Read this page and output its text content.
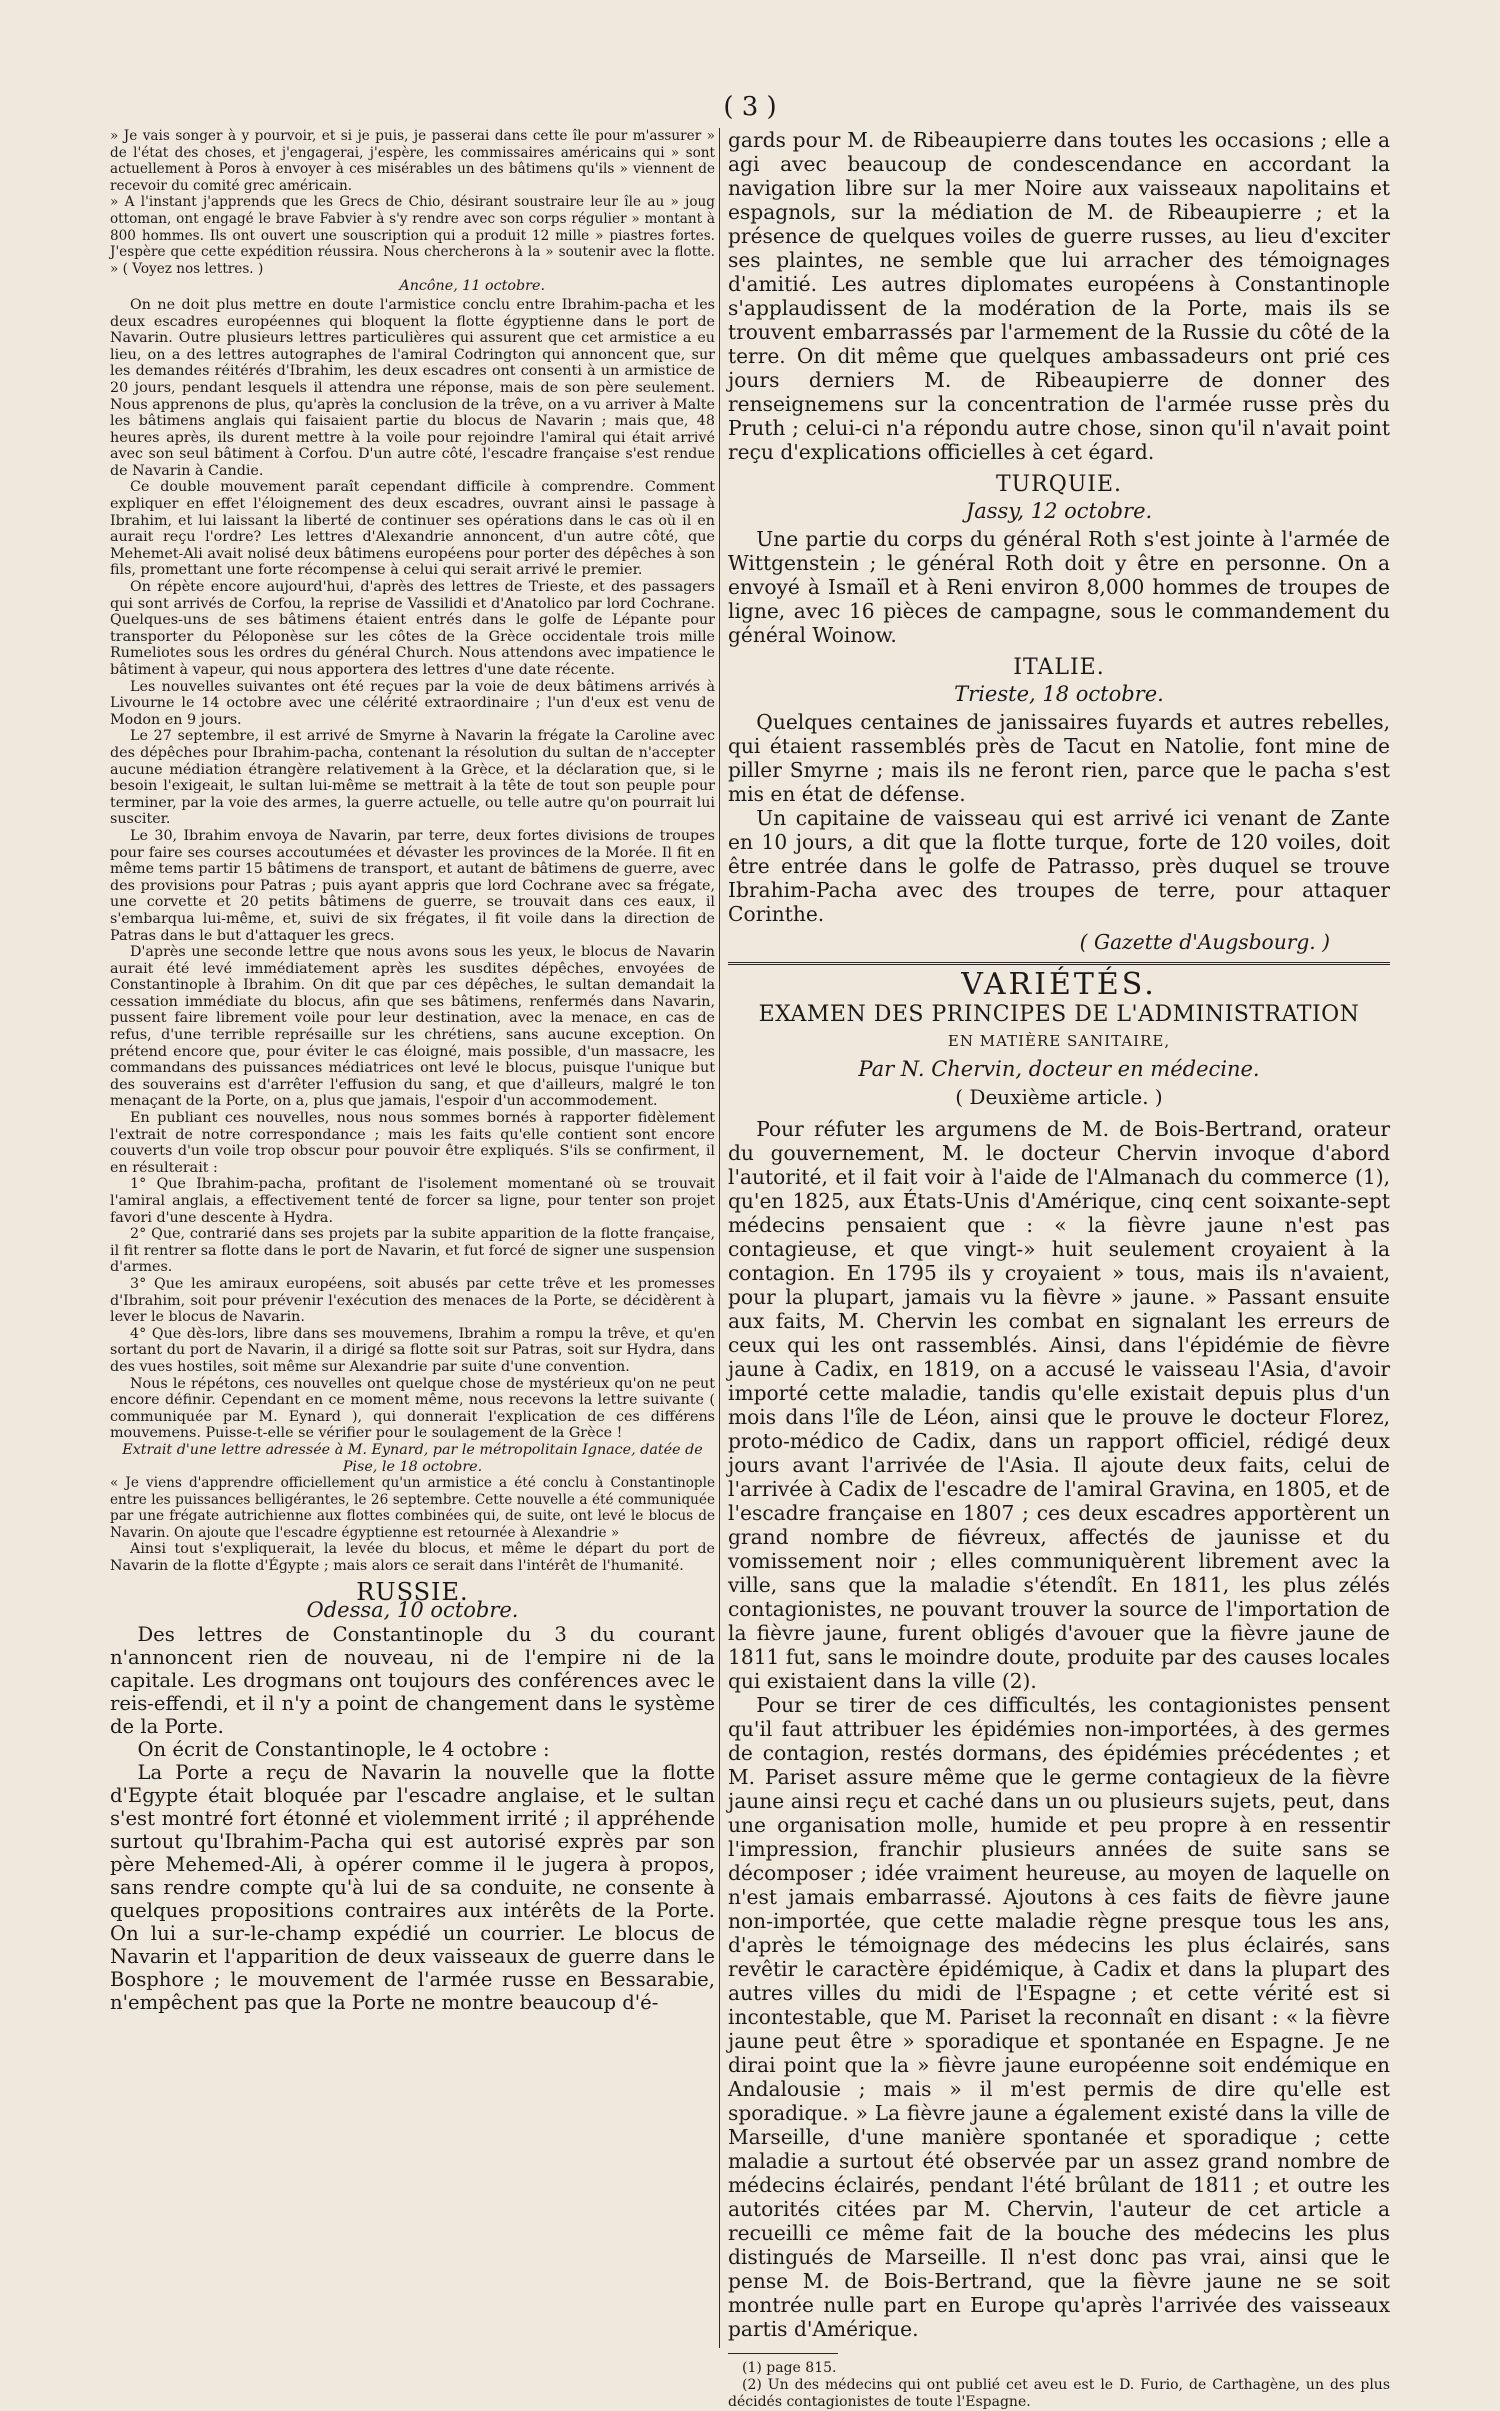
( 3 )

» Je vais songer à y pourvoir, et si je puis, je passerai dans cette île pour m'assurer » de l'état des choses, et j'engagerai, j'espère, les commissaires américains qui » sont actuellement à Poros à envoyer à ces misérables un des bâtimens qu'ils » viennent de recevoir du comité grec américain.

» A l'instant j'apprends que les Grecs de Chio, désirant soustraire leur île au » joug ottoman, ont engagé le brave Fabvier à s'y rendre avec son corps régulier » montant à 800 hommes. Ils ont ouvert une souscription qui a produit 12 mille » piastres fortes. J'espère que cette expédition réussira. Nous chercherons à la » soutenir avec la flotte. » ( Voyez nos lettres. )

Ancône, 11 octobre.

On ne doit plus mettre en doute l'armistice conclu entre Ibrahim-pacha et les deux escadres européennes qui bloquent la flotte égyptienne dans le port de Navarin. Outre plusieurs lettres particulières qui assurent que cet armistice a eu lieu, on a des lettres autographes de l'amiral Codrington qui annoncent que, sur les demandes réitérés d'Ibrahim, les deux escadres ont consenti à un armistice de 20 jours, pendant lesquels il attendra une réponse, mais de son père seulement. Nous apprenons de plus, qu'après la conclusion de la trêve, on a vu arriver à Malte les bâtimens anglais qui faisaient partie du blocus de Navarin ; mais que, 48 heures après, ils durent mettre à la voile pour rejoindre l'amiral qui était arrivé avec son seul bâtiment à Corfou. D'un autre côté, l'escadre française s'est rendue de Navarin à Candie.

Ce double mouvement paraît cependant difficile à comprendre. Comment expliquer en effet l'éloignement des deux escadres, ouvrant ainsi le passage à Ibrahim, et lui laissant la liberté de continuer ses opérations dans le cas où il en aurait reçu l'ordre? Les lettres d'Alexandrie annoncent, d'un autre côté, que Mehemet-Ali avait nolisé deux bâtimens européens pour porter des dépêches à son fils, promettant une forte récompense à celui qui serait arrivé le premier.

On répète encore aujourd'hui, d'après des lettres de Trieste, et des passagers qui sont arrivés de Corfou, la reprise de Vassilidi et d'Anatolico par lord Cochrane. Quelques-uns de ses bâtimens étaient entrés dans le golfe de Lépante pour transporter du Péloponèse sur les côtes de la Grèce occidentale trois mille Rumeliotes sous les ordres du général Church. Nous attendons avec impatience le bâtiment à vapeur, qui nous apportera des lettres d'une date récente.

Les nouvelles suivantes ont été reçues par la voie de deux bâtimens arrivés à Livourne le 14 octobre avec une célérité extraordinaire ; l'un d'eux est venu de Modon en 9 jours.

Le 27 septembre, il est arrivé de Smyrne à Navarin la frégate la Caroline avec des dépêches pour Ibrahim-pacha, contenant la résolution du sultan de n'accepter aucune médiation étrangère relativement à la Grèce, et la déclaration que, si le besoin l'exigeait, le sultan lui-même se mettrait à la tête de tout son peuple pour terminer, par la voie des armes, la guerre actuelle, ou telle autre qu'on pourrait lui susciter.

Le 30, Ibrahim envoya de Navarin, par terre, deux fortes divisions de troupes pour faire ses courses accoutumées et dévaster les provinces de la Morée. Il fit en même tems partir 15 bâtimens de transport, et autant de bâtimens de guerre, avec des provisions pour Patras ; puis ayant appris que lord Cochrane avec sa frégate, une corvette et 20 petits bâtimens de guerre, se trouvait dans ces eaux, il s'embarqua lui-même, et, suivi de six frégates, il fit voile dans la direction de Patras dans le but d'attaquer les grecs.

D'après une seconde lettre que nous avons sous les yeux, le blocus de Navarin aurait été levé immédiatement après les susdites dépêches, envoyées de Constantinople à Ibrahim. On dit que par ces dépêches, le sultan demandait la cessation immédiate du blocus, afin que ses bâtimens, renfermés dans Navarin, pussent faire librement voile pour leur destination, avec la menace, en cas de refus, d'une terrible représaille sur les chrétiens, sans aucune exception. On prétend encore que, pour éviter le cas éloigné, mais possible, d'un massacre, les commandans des puissances médiatrices ont levé le blocus, puisque l'unique but des souverains est d'arrêter l'effusion du sang, et que d'ailleurs, malgré le ton menaçant de la Porte, on a, plus que jamais, l'espoir d'un accommodement.

En publiant ces nouvelles, nous nous sommes bornés à rapporter fidèlement l'extrait de notre correspondance ; mais les faits qu'elle contient sont encore couverts d'un voile trop obscur pour pouvoir être expliqués. S'ils se confirment, il en résulterait :

1° Que Ibrahim-pacha, profitant de l'isolement momentané où se trouvait l'amiral anglais, a effectivement tenté de forcer sa ligne, pour tenter son projet favori d'une descente à Hydra.

2° Que, contrarié dans ses projets par la subite apparition de la flotte française, il fit rentrer sa flotte dans le port de Navarin, et fut forcé de signer une suspension d'armes.

3° Que les amiraux européens, soit abusés par cette trêve et les promesses d'Ibrahim, soit pour prévenir l'exécution des menaces de la Porte, se décidèrent à lever le blocus de Navarin.

4° Que dès-lors, libre dans ses mouvemens, Ibrahim a rompu la trêve, et qu'en sortant du port de Navarin, il a dirigé sa flotte soit sur Patras, soit sur Hydra, dans des vues hostiles, soit même sur Alexandrie par suite d'une convention.

Nous le répétons, ces nouvelles ont quelque chose de mystérieux qu'on ne peut encore définir. Cependant en ce moment même, nous recevons la lettre suivante ( communiquée par M. Eynard ), qui donnerait l'explication de ces différens mouvemens. Puisse-t-elle se vérifier pour le soulagement de la Grèce !

Extrait d'une lettre adressée à M. Eynard, par le métropolitain Ignace, datée de Pise, le 18 octobre.

« Je viens d'apprendre officiellement qu'un armistice a été conclu à Constantinople entre les puissances belligérantes, le 26 septembre. Cette nouvelle a été communiquée par une frégate autrichienne aux flottes combinées qui, de suite, ont levé le blocus de Navarin. On ajoute que l'escadre égyptienne est retournée à Alexandrie »

Ainsi tout s'expliquerait, la levée du blocus, et même le départ du port de Navarin de la flotte d'Égypte ; mais alors ce serait dans l'intérêt de l'humanité.

RUSSIE.
Odessa, 10 octobre.

Des lettres de Constantinople du 3 du courant n'annoncent rien de nouveau, ni de l'empire ni de la capitale. Les drogmans ont toujours des conférences avec le reis-effendi, et il n'y a point de changement dans le système de la Porte.

On écrit de Constantinople, le 4 octobre :

La Porte a reçu de Navarin la nouvelle que la flotte d'Egypte était bloquée par l'escadre anglaise, et le sultan s'est montré fort étonné et violemment irrité ; il appréhende surtout qu'Ibrahim-Pacha qui est autorisé exprès par son père Mehemed-Ali, à opérer comme il le jugera à propos, sans rendre compte qu'à lui de sa conduite, ne consente à quelques propositions contraires aux intérêts de la Porte. On lui a sur-le-champ expédié un courrier. Le blocus de Navarin et l'apparition de deux vaisseaux de guerre dans le Bosphore ; le mouvement de l'armée russe en Bessarabie, n'empêchent pas que la Porte ne montre beaucoup d'é-

gards pour M. de Ribeaupierre dans toutes les occasions ; elle a agi avec beaucoup de condescendance en accordant la navigation libre sur la mer Noire aux vaisseaux napolitains et espagnols, sur la médiation de M. de Ribeaupierre ; et la présence de quelques voiles de guerre russes, au lieu d'exciter ses plaintes, ne semble que lui arracher des témoignages d'amitié. Les autres diplomates européens à Constantinople s'applaudissent de la modération de la Porte, mais ils se trouvent embarrassés par l'armement de la Russie du côté de la terre. On dit même que quelques ambassadeurs ont prié ces jours derniers M. de Ribeaupierre de donner des renseignemens sur la concentration de l'armée russe près du Pruth ; celui-ci n'a répondu autre chose, sinon qu'il n'avait point reçu d'explications officielles à cet égard.

TURQUIE.
Jassy, 12 octobre.

Une partie du corps du général Roth s'est jointe à l'armée de Wittgenstein ; le général Roth doit y être en personne. On a envoyé à Ismaïl et à Reni environ 8,000 hommes de troupes de ligne, avec 16 pièces de campagne, sous le commandement du général Woinow.

ITALIE.
Trieste, 18 octobre.

Quelques centaines de janissaires fuyards et autres rebelles, qui étaient rassemblés près de Tacut en Natolie, font mine de piller Smyrne ; mais ils ne feront rien, parce que le pacha s'est mis en état de défense.

Un capitaine de vaisseau qui est arrivé ici venant de Zante en 10 jours, a dit que la flotte turque, forte de 120 voiles, doit être entrée dans le golfe de Patrasso, près duquel se trouve Ibrahim-Pacha avec des troupes de terre, pour attaquer Corinthe.

( Gazette d'Augsbourg. )
VARIÉTÉS.
EXAMEN DES PRINCIPES DE L'ADMINISTRATION
EN MATIÈRE SANITAIRE,
Par N. Chervin, docteur en médecine.
( Deuxième article. )

Pour réfuter les argumens de M. de Bois-Bertrand, orateur du gouvernement, M. le docteur Chervin invoque d'abord l'autorité, et il fait voir à l'aide de l'Almanach du commerce (1), qu'en 1825, aux États-Unis d'Amérique, cinq cent soixante-sept médecins pensaient que : « la fièvre jaune n'est pas contagieuse, et que vingt-» huit seulement croyaient à la contagion. En 1795 ils y croyaient » tous, mais ils n'avaient, pour la plupart, jamais vu la fièvre » jaune. » Passant ensuite aux faits, M. Chervin les combat en signalant les erreurs de ceux qui les ont rassemblés. Ainsi, dans l'épidémie de fièvre jaune à Cadix, en 1819, on a accusé le vaisseau l'Asia, d'avoir importé cette maladie, tandis qu'elle existait depuis plus d'un mois dans l'île de Léon, ainsi que le prouve le docteur Florez, proto-médico de Cadix, dans un rapport officiel, rédigé deux jours avant l'arrivée de l'Asia. Il ajoute deux faits, celui de l'arrivée à Cadix de l'escadre de l'amiral Gravina, en 1805, et de l'escadre française en 1807 ; ces deux escadres apportèrent un grand nombre de fiévreux, affectés de jaunisse et du vomissement noir ; elles communiquèrent librement avec la ville, sans que la maladie s'étendît. En 1811, les plus zélés contagionistes, ne pouvant trouver la source de l'importation de la fièvre jaune, furent obligés d'avouer que la fièvre jaune de 1811 fut, sans le moindre doute, produite par des causes locales qui existaient dans la ville (2).

Pour se tirer de ces difficultés, les contagionistes pensent qu'il faut attribuer les épidémies non-importées, à des germes de contagion, restés dormans, des épidémies précédentes ; et M. Pariset assure même que le germe contagieux de la fièvre jaune ainsi reçu et caché dans un ou plusieurs sujets, peut, dans une organisation molle, humide et peu propre à en ressentir l'impression, franchir plusieurs années de suite sans se décomposer ; idée vraiment heureuse, au moyen de laquelle on n'est jamais embarrassé. Ajoutons à ces faits de fièvre jaune non-importée, que cette maladie règne presque tous les ans, d'après le témoignage des médecins les plus éclairés, sans revêtir le caractère épidémique, à Cadix et dans la plupart des autres villes du midi de l'Espagne ; et cette vérité est si incontestable, que M. Pariset la reconnaît en disant : « la fièvre jaune peut être » sporadique et spontanée en Espagne. Je ne dirai point que la » fièvre jaune européenne soit endémique en Andalousie ; mais » il m'est permis de dire qu'elle est sporadique. » La fièvre jaune a également existé dans la ville de Marseille, d'une manière spontanée et sporadique ; cette maladie a surtout été observée par un assez grand nombre de médecins éclairés, pendant l'été brûlant de 1811 ; et outre les autorités citées par M. Chervin, l'auteur de cet article a recueilli ce même fait de la bouche des médecins les plus distingués de Marseille. Il n'est donc pas vrai, ainsi que le pense M. de Bois-Bertrand, que la fièvre jaune ne se soit montrée nulle part en Europe qu'après l'arrivée des vaisseaux partis d'Amérique.

(1) page 815.

(2) Un des médecins qui ont publié cet aveu est le D. Furio, de Carthagène, un des plus décidés contagionistes de toute l'Espagne.
